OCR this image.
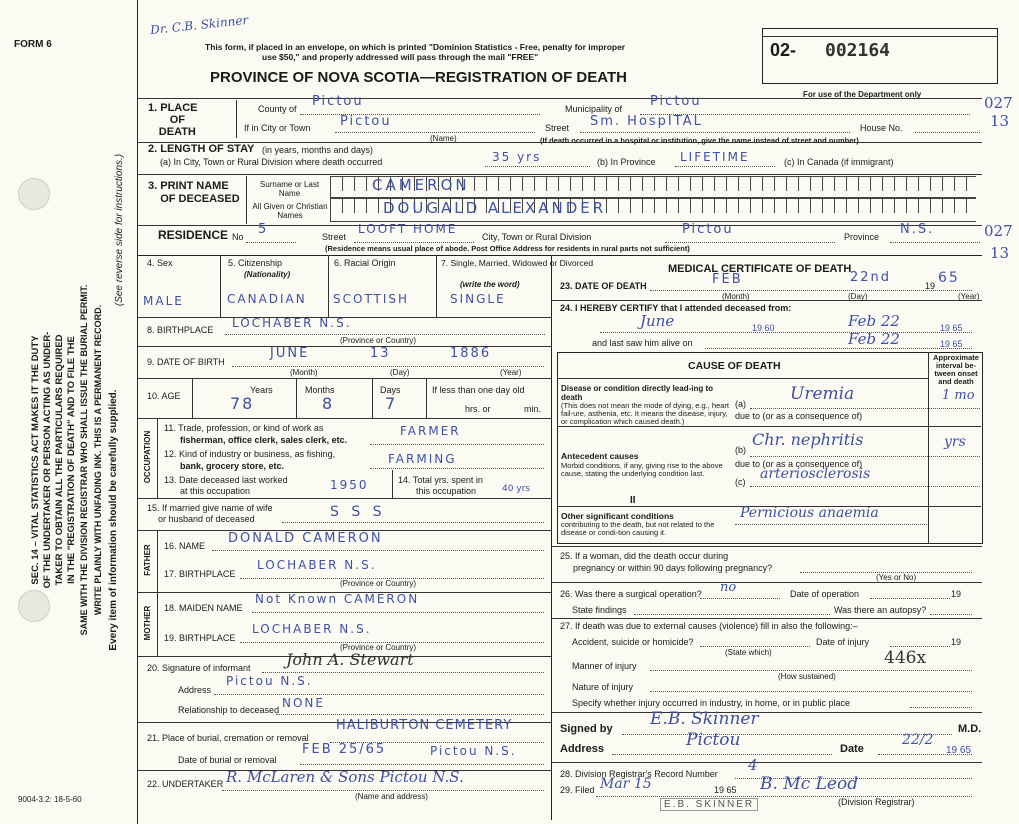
FORM 6
9004-3.2: 18-5-60
SEC. 14 – VITAL STATISTICS ACT MAKES IT THE DUTY OF THE UNDERTAKER OR PERSON ACTING AS UNDER- TAKER TO OBTAIN ALL THE PARTICULARS REQUIRED IN THE "REGISTRATION OF DEATH" AND TO FILE THE SAME WITH THE DIVISION REGISTRAR WHO SHALL ISSUE THE BURIAL PERMIT. WRITE PLAINLY WITH UNFADING INK. THIS IS A PERMANENT RECORD. Every item of information should be carefully supplied.
(See reverse side for instructions.)
Dr. C.B. Skinner
This form, if placed in an envelope, on which is printed "Dominion Statistics - Free, penalty for improper
use $50," and properly addressed will pass through the mail "FREE"
PROVINCE OF NOVA SCOTIA—REGISTRATION OF DEATH
02- 002164
For use of the Department only	027
13
027
13
1. PLACE
OF
DEATH
County of Pictou	Municipality of Pictou
If in City or Town Pictou
(Name)
Street Sm. HospITAL	House No.
(If death occurred in a hospital or institution, give the name instead of street and number)
2. LENGTH OF STAY (in years, months and days)
(a) In City, Town or Rural Division where death occurred	35 yrs	(b) In Province LIFETIME	(c) In Canada (if immigrant)
3. PRINT NAME
OF DECEASED
Surname or Last Name
All Given or Christian Names
CAMERON
DOUGALD ALEXANDER
RESIDENCE No 5	Street
LOOFT HOME
City, Town or Rural Division	Pictou	Province N.S.
(Residence means usual place of abode. Post Office Address for residents in rural parts not sufficient)
4. Sex	5. Citizenship
(Nationality)
6. Racial Origin	7. Single, Married, Widowed or Divorced
(write the word)
MALE	CANADIAN SCOTTISH	SINGLE
8. BIRTHPLACE LOCHABER N.S.
(Province or Country)
9. DATE OF BIRTH
JUNE	13	1886
(Month)	(Day)	(Year)
10. AGE
Years	Months	Days
78	8	7
If less than one day old
hrs. or	min.
OCCUPATION
11. Trade, profession, or kind of work as
fisherman, office clerk, sales clerk, etc.
FARMER
12. Kind of industry or business, as fishing,
bank, grocery store, etc.	FARMING
13. Date deceased last worked
at this occupation	1950	14. Total yrs. spent in
this occupation	40 yrs
15. If married give name of wife
or husband of deceased	S S S
FATHER 16. NAME DONALD CAMERON
17. BIRTHPLACE
LOCHABER N.S.
(Province or Country)
MOTHER 18. MAIDEN NAME
Not Known CAMERON
19. BIRTHPLACE
LOCHABER N.S.
(Province or Country)
20. Signature of informant John A. Stewart
Address
Pictou N.S.
Relationship to deceased NONE
21. Place of burial, cremation or removal
HALIBURTON CEMETERY
Date of burial or removal
FEB 25/65	Pictou N.S.
22. UNDERTAKER R. McLaren & Sons Pictou N.S.
(Name and address)
MEDICAL CERTIFICATE OF DEATH
23. DATE OF DEATH	FEB	22nd
19 65
(Month)	(Day)	(Year)
24. I HEREBY CERTIFY that I attended deceased from:
June	19 60	Feb 22	19 65
and last saw him alive on	Feb 22	19 65
CAUSE OF DEATH
Approximate interval be-tween onset and death
Disease or condition directly lead-ing to death
(This does not mean the mode of dying, e.g., heart fail-ure, asthenia, etc. It means the disease, injury, or complication which caused death.)
(a)	Uremia	1 mo
due to (or as a consequence of)
(b)
Chr. nephritis	yrs
Antecedent causes
Morbid conditions, if any, giving rise to the above cause, stating the underlying condition last.
due to (or as a consequence of)
(c) arteriosclerosis
II
Other significant conditions
contributing to the death, but not related to the disease or condi-tion causing it.
Pernicious anaemia
25. If a woman, did the death occur during
pregnancy or within 90 days following pregnancy?
(Yes or No)
26. Was there a surgical operation? no	Date of operation	19
State findings	Was there an autopsy?
27. If death was due to external causes (violence) fill in also the following:–
Accident, suicide or homicide?	Date of injury	19
(State which)
Manner of injury	446x
(How sustained)
Nature of injury
Specify whether injury occurred in industry, in home, or in public place
Signed by E.B. Skinner	M.D.
Address	Pictou	Date
22/2
19 65
28. Division Registrar's Record Number 4
29. Filed Mar 15	19 65 B. Mc Leod
E.B. SKINNER	(Division Registrar)
